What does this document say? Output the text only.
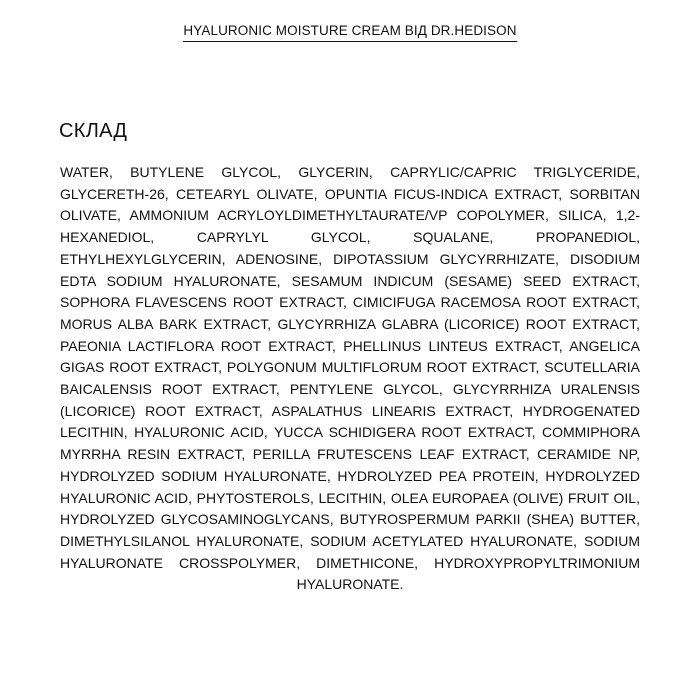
HYALURONIC MOISTURE CREAM ВІД DR.HEDISON
СКЛАД
WATER, BUTYLENE GLYCOL, GLYCERIN, CAPRYLIC/CAPRIC TRIGLYCERIDE, GLYCERETH-26, CETEARYL OLIVATE, OPUNTIA FICUS-INDICA EXTRACT, SORBITAN OLIVATE, AMMONIUM ACRYLOYLDIMETHYLTAURATE/VP COPOLYMER, SILICA, 1,2-HEXANEDIOL, CAPRYLYL GLYCOL, SQUALANE, PROPANEDIOL, ETHYLHEXYLGLYCERIN, ADENOSINE, DIPOTASSIUM GLYCYRRHIZATE, DISODIUM EDTA SODIUM HYALURONATE, SESAMUM INDICUM (SESAME) SEED EXTRACT, SOPHORA FLAVESCENS ROOT EXTRACT, CIMICIFUGA RACEMOSA ROOT EXTRACT, MORUS ALBA BARK EXTRACT, GLYCYRRHIZA GLABRA (LICORICE) ROOT EXTRACT, PAEONIA LACTIFLORA ROOT EXTRACT, PHELLINUS LINTEUS EXTRACT, ANGELICA GIGAS ROOT EXTRACT, POLYGONUM MULTIFLORUM ROOT EXTRACT, SCUTELLARIA BAICALENSIS ROOT EXTRACT, PENTYLENE GLYCOL, GLYCYRRHIZA URALENSIS (LICORICE) ROOT EXTRACT, ASPALATHUS LINEARIS EXTRACT, HYDROGENATED LECITHIN, HYALURONIC ACID, YUCCA SCHIDIGERA ROOT EXTRACT, COMMIPHORA MYRRHA RESIN EXTRACT, PERILLA FRUTESCENS LEAF EXTRACT, CERAMIDE NP, HYDROLYZED SODIUM HYALURONATE, HYDROLYZED PEA PROTEIN, HYDROLYZED HYALURONIC ACID, PHYTOSTEROLS, LECITHIN, OLEA EUROPAEA (OLIVE) FRUIT OIL, HYDROLYZED GLYCOSAMINOGLYCANS, BUTYROSPERMUM PARKII (SHEA) BUTTER, DIMETHYLSILANOL HYALURONATE, SODIUM ACETYLATED HYALURONATE, SODIUM HYALURONATE CROSSPOLYMER, DIMETHICONE, HYDROXYPROPYLTRIMONIUM HYALURONATE.
